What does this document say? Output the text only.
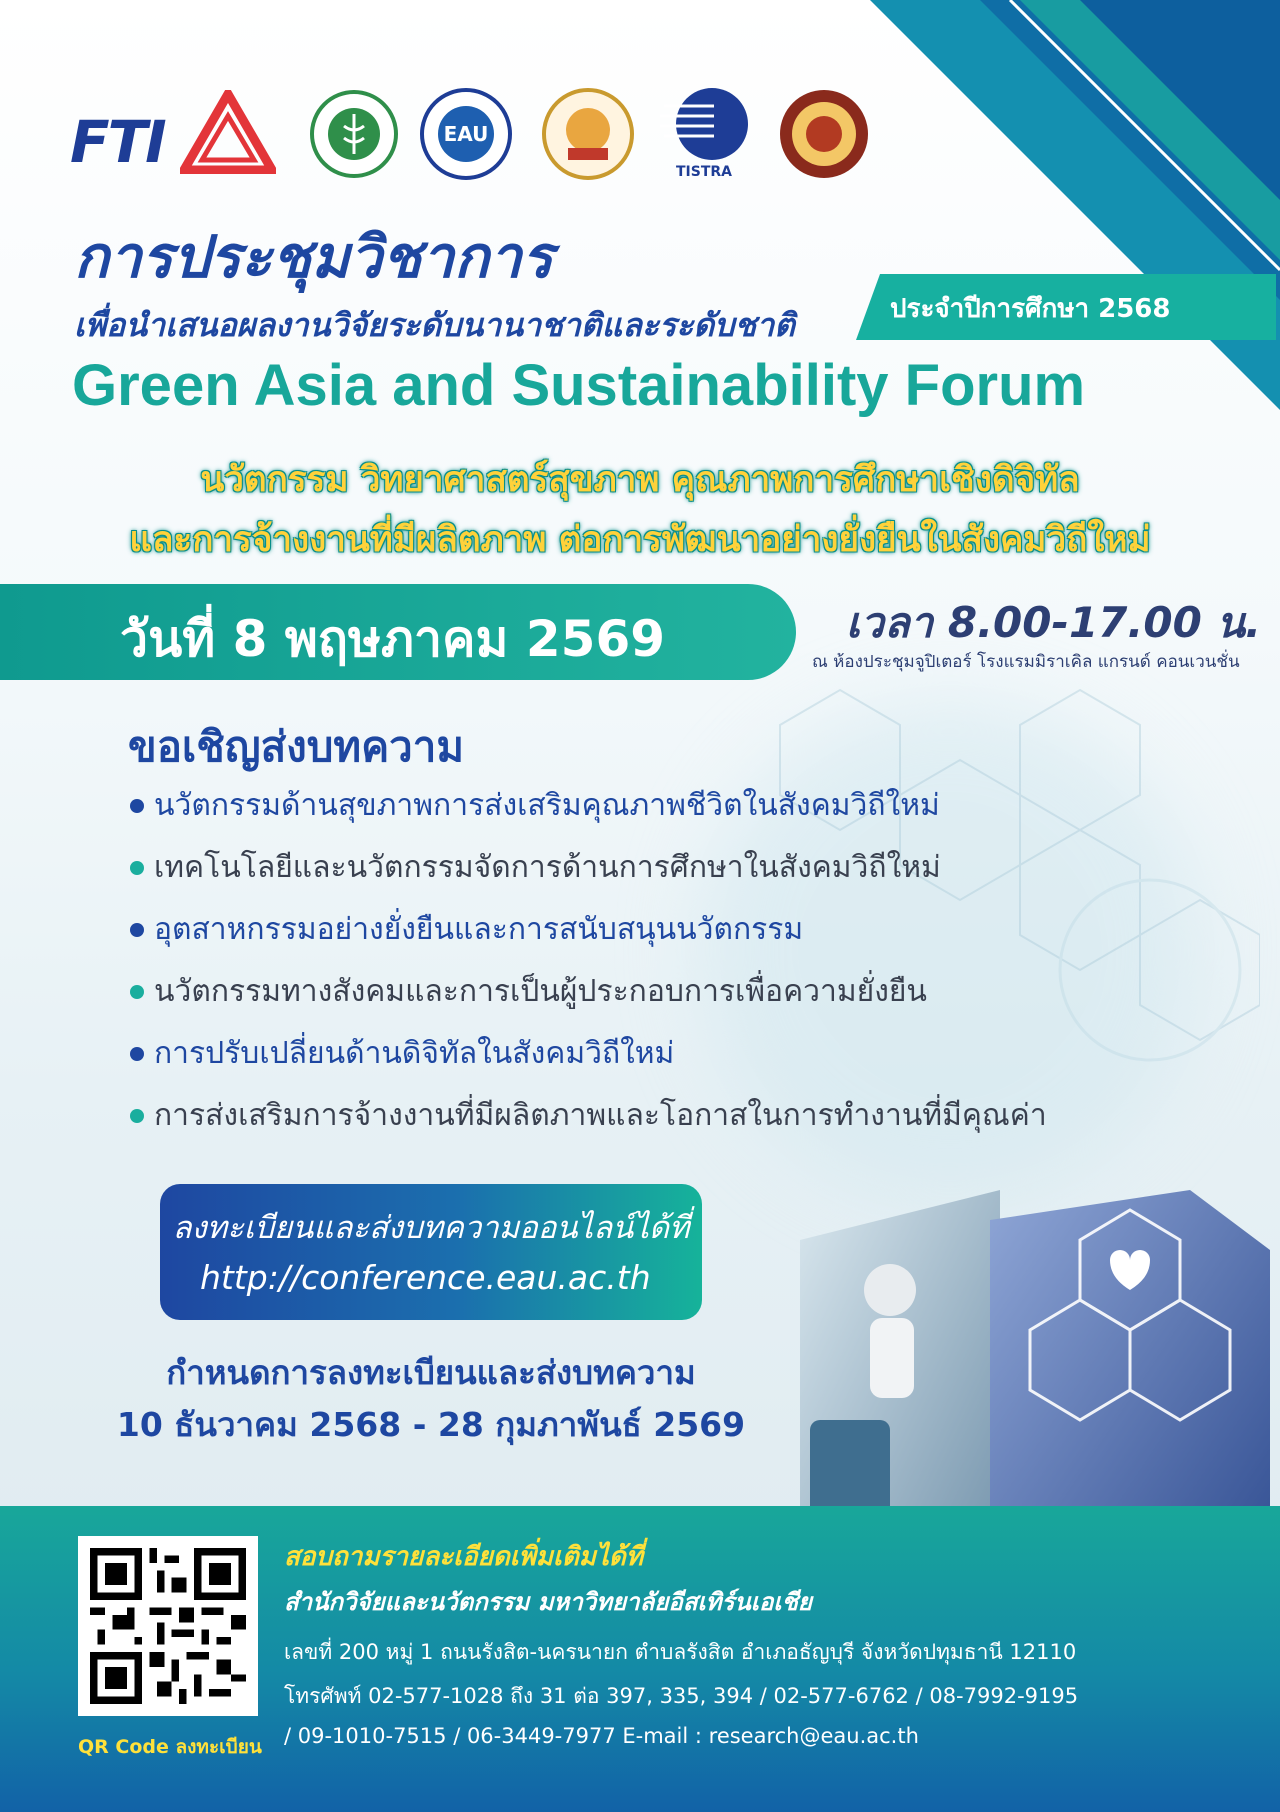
ประจำปีการศึกษา 2568
FTI	EAU
TISTRA
การประชุมวิชาการ
เพื่อนำเสนอผลงานวิจัยระดับนานาชาติและระดับชาติ
Green Asia and Sustainability Forum
นวัตกรรม วิทยาศาสตร์สุขภาพ คุณภาพการศึกษาเชิงดิจิทัล
และการจ้างงานที่มีผลิตภาพ ต่อการพัฒนาอย่างยั่งยืนในสังคมวิถีใหม่
วันที่ 8 พฤษภาคม 2569	เวลา 8.00-17.00 น.
ณ ห้องประชุมจูปิเตอร์ โรงแรมมิราเคิล แกรนด์ คอนเวนชั่น
ขอเชิญส่งบทความ
นวัตกรรมด้านสุขภาพการส่งเสริมคุณภาพชีวิตในสังคมวิถีใหม่
เทคโนโลยีและนวัตกรรมจัดการด้านการศึกษาในสังคมวิถีใหม่
อุตสาหกรรมอย่างยั่งยืนและการสนับสนุนนวัตกรรม
นวัตกรรมทางสังคมและการเป็นผู้ประกอบการเพื่อความยั่งยืน
การปรับเปลี่ยนด้านดิจิทัลในสังคมวิถีใหม่
การส่งเสริมการจ้างงานที่มีผลิตภาพและโอกาสในการทำงานที่มีคุณค่า
ลงทะเบียนและส่งบทความออนไลน์ได้ที่
http://conference.eau.ac.th
กำหนดการลงทะเบียนและส่งบทความ
10 ธันวาคม 2568 - 28 กุมภาพันธ์ 2569
QR Code ลงทะเบียน
สอบถามรายละเอียดเพิ่มเติมได้ที่
สำนักวิจัยและนวัตกรรม มหาวิทยาลัยอีสเทิร์นเอเชีย
เลขที่ 200 หมู่ 1 ถนนรังสิต-นครนายก ตำบลรังสิต อำเภอธัญบุรี จังหวัดปทุมธานี 12110
โทรศัพท์ 02-577-1028 ถึง 31 ต่อ 397, 335, 394 / 02-577-6762 / 08-7992-9195
/ 09-1010-7515 / 06-3449-7977 E-mail : research@eau.ac.th
